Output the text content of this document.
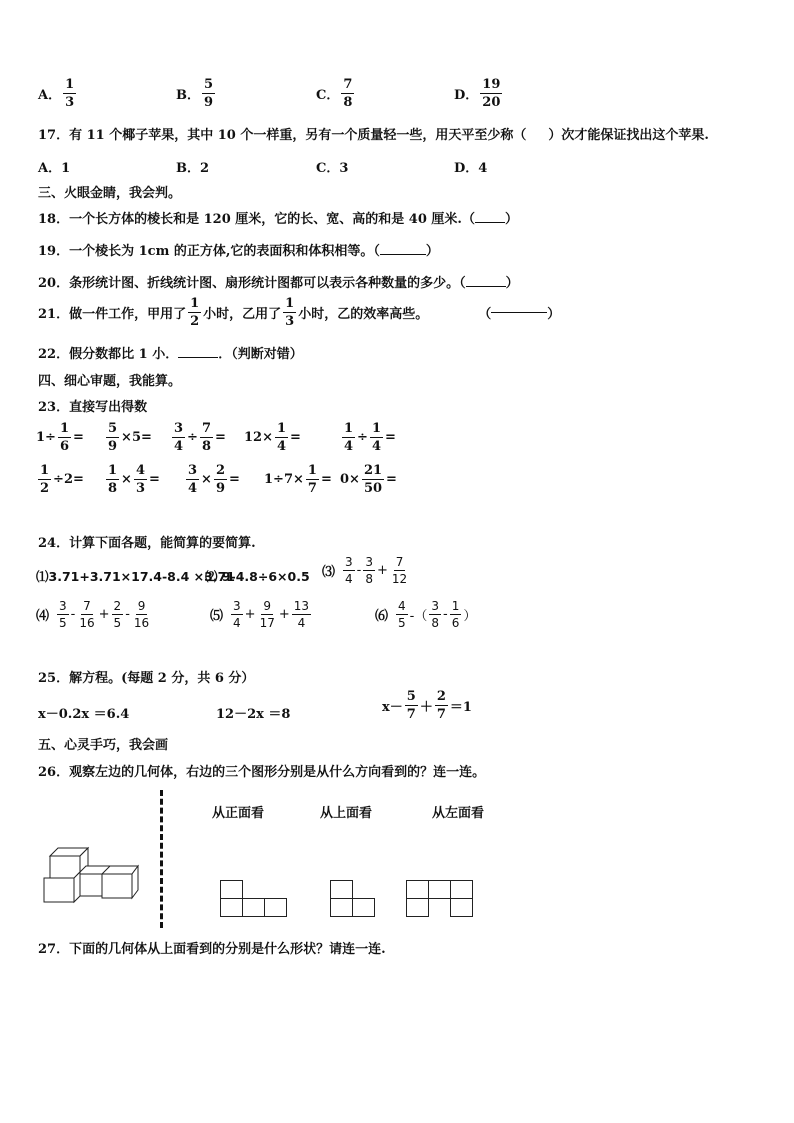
A． $\frac{1}{3}$	B． $\frac{5}{9}$	C． $\frac{7}{8}$	D． $\frac{19}{20}$
17．有 11 个椰子苹果，其中 10 个一样重，另有一个质量轻一些，用天平至少称（ ）次才能保证找出这个苹果.
A．1	B．2	C．3	D．4
三、火眼金睛，我会判。
18．一个长方体的棱长和是 120 厘米，它的长、宽、高的和是 40 厘米.（ ）
19．一个棱长为 1cm 的正方体,它的表面积和体积相等。（	）
20．条形统计图、折线统计图、扇形统计图都可以表示各种数量的多少。（	）
21．做一件工作，甲用了 $\frac{1}{2}$ 小时，乙用了 $\frac{1}{3}$ 小时，乙的效率高些。	（	）
22．假分数都比 1 小．	．（判断对错）
四、细心审题，我能算。
23．直接写出得数
$1\div \frac{1}{6} = \frac{5}{9} \times 5= \frac{3}{4} \div \frac{7}{8} = 12\times \frac{1}{4}$ =	$\frac{1}{4} \div \frac{1}{4}$ =
$\frac{1}{2} \div 2= \frac{1}{8} \times \frac{4}{3} = \frac{3}{4} \times \frac{2}{9} = 1\div 7\times \frac{1}{7} = 0\times \frac{21}{50}$ =
24．计算下面各题，能简算的要简算.
⑴3.71+3.71×17.4-8.4 ×3.71
⑵ 9-4.8÷6×0.5 ⑶ $\frac{3}{4} - \frac{3}{8} + \frac{7}{12}$
⑷ $\frac{3}{5} - \frac{7}{16} + \frac{2}{5} - \frac{9}{16}$	⑸ $\frac{3}{4} + \frac{9}{17} + \frac{13}{4}$	⑹ $\frac{4}{5}$ -（ $\frac{3}{8} - \frac{1}{6}$ ）
25．解方程。(每题 2 分，共 6 分）
x－0.2x ＝6.4	12－2x ＝8	$x- \frac{5}{7} + \frac{2}{7} =1$
五、心灵手巧，我会画
26．观察左边的几何体，右边的三个图形分别是从什么方向看到的？连一连。
从正面看	从上面看	从左面看
27．下面的几何体从上面看到的分别是什么形状？请连一连.
